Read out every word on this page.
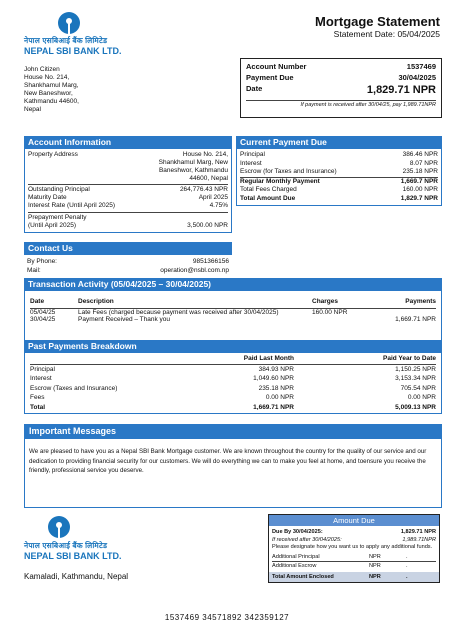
नेपाल एसबिआई बैंक लिमिटेड
NEPAL SBI BANK LTD.
Mortgage Statement
Statement Date: 05/04/2025
John Citizen
House No. 214,
Shankhamul Marg,
New Baneshwor,
Kathmandu 44600,
Nepal
Account Number	1537469
Payment Due	30/04/2025
Date	1,829.71 NPR
If payment is received after 30/04/25, pay 1,989.71NPR
Account Information
Property Address	House No. 214,
Shankhamul Marg, New
Baneshwor, Kathmandu
44600, Nepal
Outstanding Principal	264,776.43 NPR
Maturity Date	April 2025
Interest Rate (Until April 2025)	4.75%
Prepayment Penalty
(Until April 2025)	3,500.00 NPR
Contact Us
By Phone:	9851366156
Mail:	operation@nsbl.com.np
Current Payment Due
Principal	386.46 NPR
Interest	8.07 NPR
Escrow (for Taxes and Insurance)	235.18 NPR
Regular Monthly Payment	1,669.7 NPR
Total Fees Charged	160.00 NPR
Total Amount Due	1,829.7 NPR
Transaction Activity (05/04/2025 – 30/04/2025)
Date	Description	Charges	Payments

05/04/25	Late Fees (charged because payment was received after 30/04/2025)	160.00 NPR	
30/04/25	Payment Received – Thank you		1,669.71 NPR
Past Payments Breakdown
	Paid Last Month	Paid Year to Date

Principal	384.93 NPR	1,150.25 NPR
Interest	1,049.60 NPR	3,153.34 NPR
Escrow (Taxes and Insurance)	235.18 NPR	705.54 NPR
Fees	0.00 NPR	0.00 NPR
Total	1,669.71 NPR	5,009.13 NPR
Important Messages
We are pleased to have you as a Nepal SBI Bank Mortgage customer. We are known throughout the country for the quality of our service and our dedication to providing financial security for our customers. We will do everything we can to make you feel at home, and toensure you receive the friendly, professional service you deserve.
नेपाल एसबिआई बैंक लिमिटेड
NEPAL SBI BANK LTD.
Kamaladi, Kathmandu, Nepal
Amount Due
Due By 30/04/2025:	1,829.71 NPR
If received after 30/04/2025:	1,989.71NPR
Please designate how you want us to apply any additional funds.
Additional Principal	NPR	.
Additional Escrow	NPR	.
Total Amount Enclosed	NPR	.
1537469 34571892 342359127
